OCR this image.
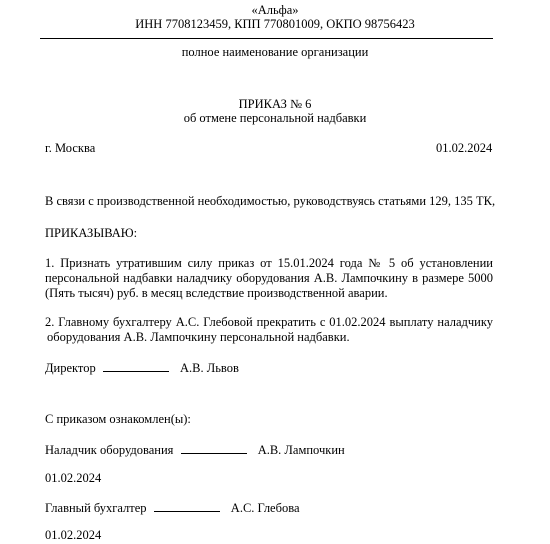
«Альфа»
ИНН 7708123459, КПП 770801009, ОКПО 98756423
полное наименование организации
ПРИКАЗ № 6
об отмене персональной надбавки
г. Москва	01.02.2024
В связи с производственной необходимостью, руководствуясь статьями 129, 135 ТК,
ПРИКАЗЫВАЮ:
1. Признать утратившим силу приказ от 15.01.2024 года № 5 об установлении
персональной надбавки наладчику оборудования А.В. Лампочкину в размере 5000
(Пять тысяч) руб. в месяц вследствие производственной аварии.
2. Главному бухгалтеру А.С. Глебовой прекратить с 01.02.2024 выплату наладчику
оборудования А.В. Лампочкину персональной надбавки.
Директор	А.В. Львов
С приказом ознакомлен(ы):
Наладчик оборудования	А.В. Лампочкин
01.02.2024
Главный бухгалтер	А.С. Глебова
01.02.2024
